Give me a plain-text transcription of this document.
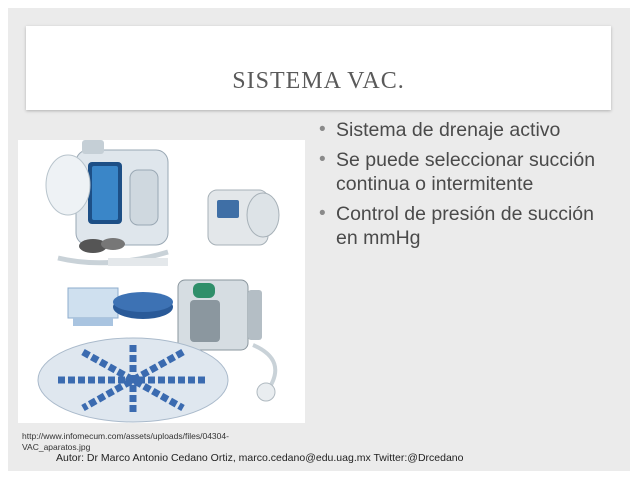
SISTEMA VAC.
• Sistema de drenaje activo
• Se puede seleccionar succión continua o intermitente
• Control de presión de succión en mmHg
http://www.infomecum.com/assets/uploads/files/04304-VAC_aparatos.jpg
Autor: Dr Marco Antonio Cedano Ortiz, marco.cedano@edu.uag.mx Twitter:@Drcedano
